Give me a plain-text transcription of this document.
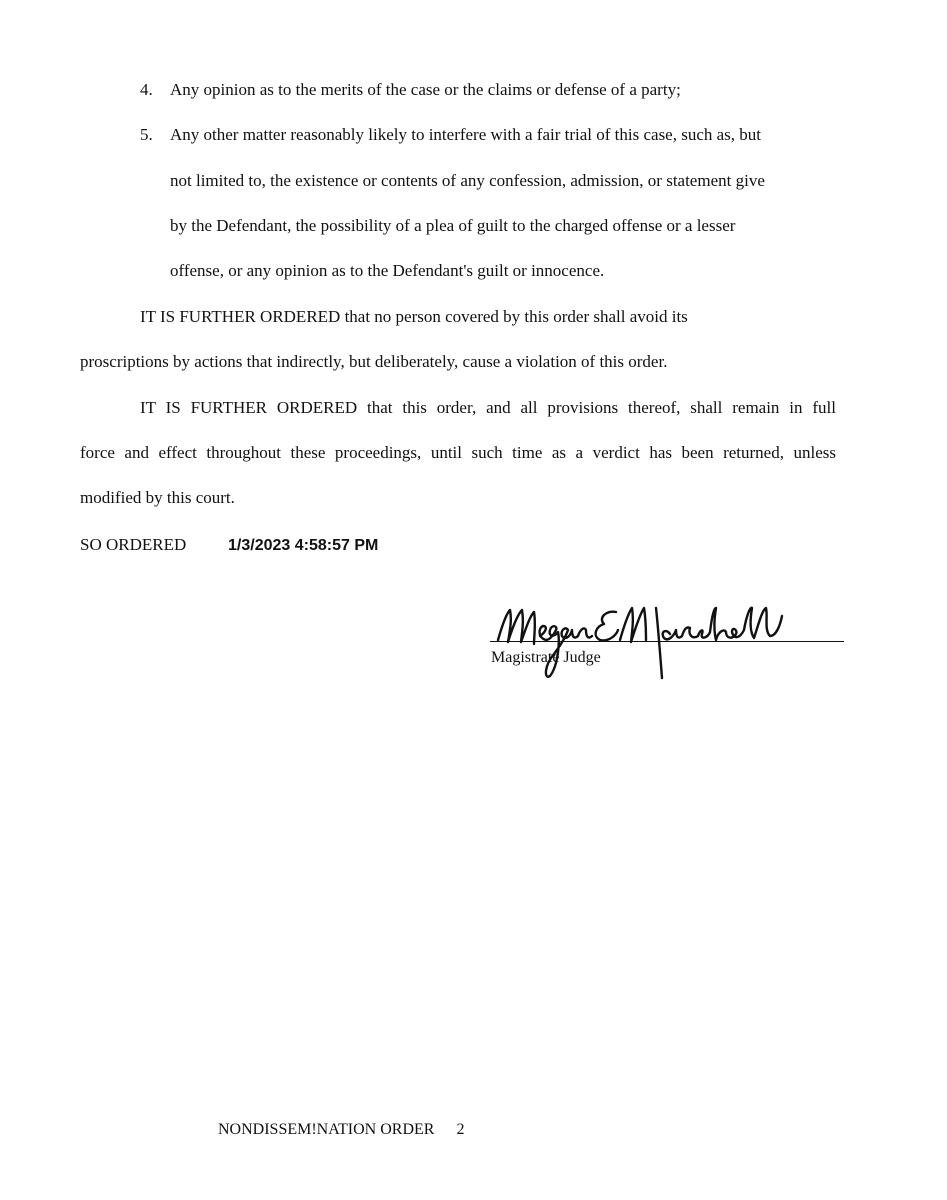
4. Any opinion as to the merits of the case or the claims or defense of a party;
5. Any other matter reasonably likely to interfere with a fair trial of this case, such as, but
not limited to, the existence or contents of any confession, admission, or statement give
by the Defendant, the possibility of a plea of guilt to the charged offense or a lesser
offense, or any opinion as to the Defendant's guilt or innocence.
IT IS FURTHER ORDERED that no person covered by this order shall avoid its
proscriptions by actions that indirectly, but deliberately, cause a violation of this order.
IT IS FURTHER ORDERED that this order, and all provisions thereof, shall remain in full
force and effect throughout these proceedings, until such time as a verdict has been returned, unless
modified by this court.
SO ORDERED	1/3/2023 4:58:57 PM
Magistrate Judge
NONDISSEM!NATION ORDER 2
